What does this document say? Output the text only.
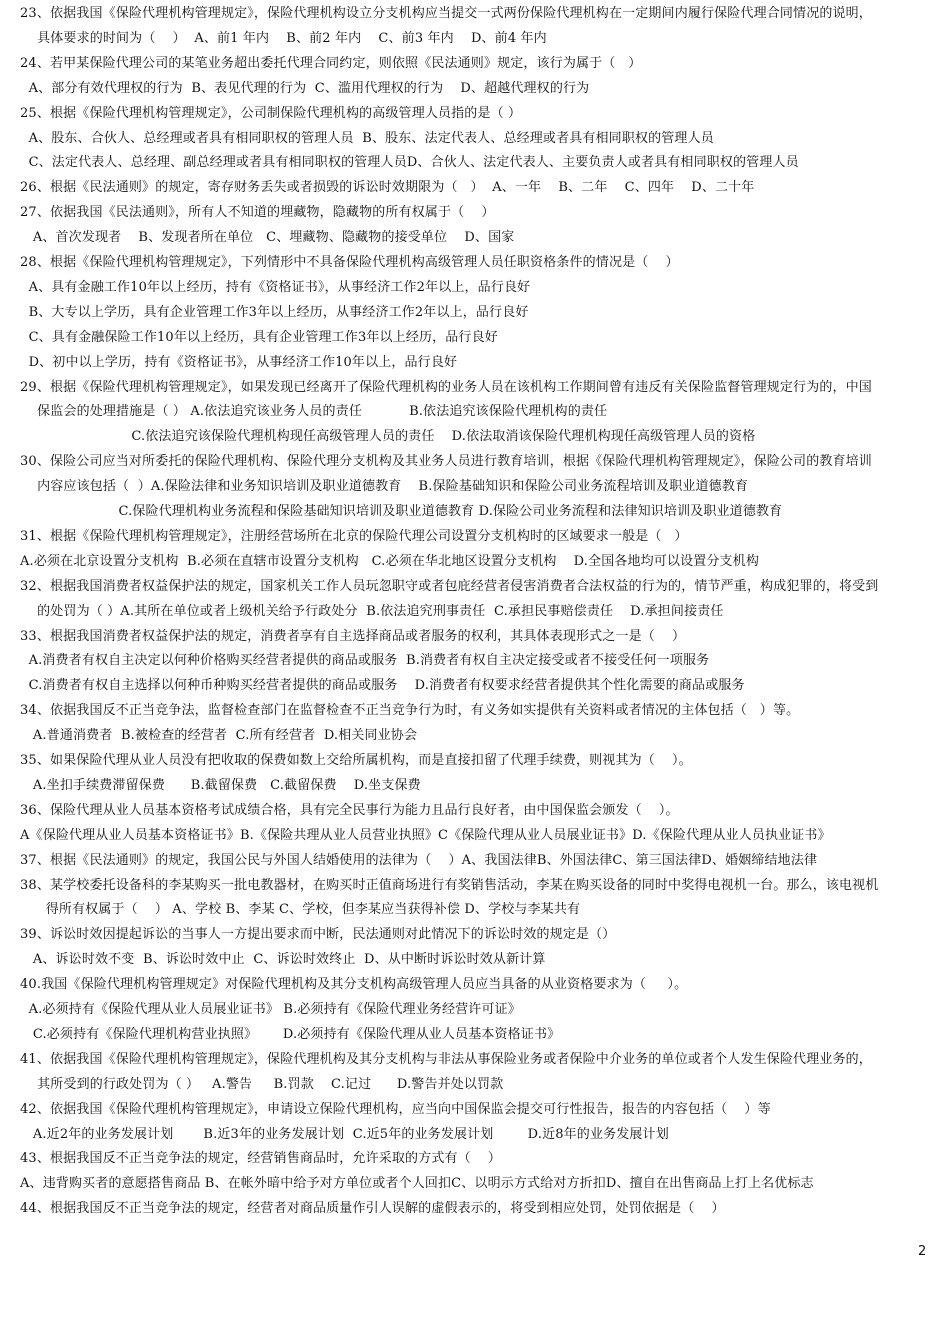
23、依据我国《保险代理机构管理规定》，保险代理机构设立分支机构应当提交一式两份保险代理机构在一定期间内履行保险代理合同情况的说明，
具体要求的时间为（    ）  A、前1 年内    B、前2 年内    C、前3 年内    D、前4 年内
24、若甲某保险代理公司的某笔业务超出委托代理合同约定，则依照《民法通则》规定，该行为属于（   ）
A、部分有效代理权的行为  B、表见代理的行为  C、滥用代理权的行为    D、超越代理权的行为
25、根据《保险代理机构管理规定》，公司制保险代理机构的高级管理人员指的是（ ）
A、股东、合伙人、总经理或者具有相同职权的管理人员  B、股东、法定代表人、总经理或者具有相同职权的管理人员
C、法定代表人、总经理、副总经理或者具有相同职权的管理人员D、合伙人、法定代表人、主要负责人或者具有相同职权的管理人员
26、根据《民法通则》的规定，寄存财务丢失或者损毁的诉讼时效期限为（   ）  A、一年    B、二年    C、四年    D、二十年
27、依据我国《民法通则》，所有人不知道的埋藏物，隐藏物的所有权属于（    ）
A、首次发现者    B、发现者所在单位   C、埋藏物、隐藏物的接受单位    D、国家
28、根据《保险代理机构管理规定》，下列情形中不具备保险代理机构高级管理人员任职资格条件的情况是（    ）
A、具有金融工作10年以上经历，持有《资格证书》，从事经济工作2年以上，品行良好
B、大专以上学历，具有企业管理工作3年以上经历，从事经济工作2年以上，品行良好
C、具有金融保险工作10年以上经历，具有企业管理工作3年以上经历，品行良好
D、初中以上学历，持有《资格证书》，从事经济工作10年以上，品行良好
29、根据《保险代理机构管理规定》，如果发现已经离开了保险代理机构的业务人员在该机构工作期间曾有违反有关保险监督管理规定行为的，中国
保监会的处理措施是（ ） A.依法追究该业务人员的责任           B.依法追究该保险代理机构的责任
C.依法追究该保险代理机构现任高级管理人员的责任    D.依法取消该保险代理机构现任高级管理人员的资格
30、保险公司应当对所委托的保险代理机构、保险代理分支机构及其业务人员进行教育培训，根据《保险代理机构管理规定》，保险公司的教育培训
内容应该包括（  ）A.保险法律和业务知识培训及职业道德教育    B.保险基础知识和保险公司业务流程培训及职业道德教育
C.保险代理机构业务流程和保险基础知识培训及职业道德教育 D.保险公司业务流程和法律知识培训及职业道德教育
31、根据《保险代理机构管理规定》，注册经营场所在北京的保险代理公司设置分支机构时的区域要求一般是（   ）
A.必须在北京设置分支机构  B.必须在直辖市设置分支机构   C.必须在华北地区设置分支机构    D.全国各地均可以设置分支机构
32、根据我国消费者权益保护法的规定，国家机关工作人员玩忽职守或者包庇经营者侵害消费者合法权益的行为的，情节严重，构成犯罪的，将受到
的处罚为（ ）A.其所在单位或者上级机关给予行政处分  B.依法追究刑事责任  C.承担民事赔偿责任    D.承担间接责任
33、根据我国消费者权益保护法的规定，消费者享有自主选择商品或者服务的权利，其具体表现形式之一是（    ）
A.消费者有权自主决定以何种价格购买经营者提供的商品或服务  B.消费者有权自主决定接受或者不接受任何一项服务
C.消费者有权自主选择以何种币种购买经营者提供的商品或服务    D.消费者有权要求经营者提供其个性化需要的商品或服务
34、依据我国反不正当竞争法，监督检查部门在监督检查不正当竞争行为时，有义务如实提供有关资料或者情况的主体包括（   ）等。
A.普通消费者  B.被检查的经营者  C.所有经营者  D.相关同业协会
35、如果保险代理从业人员没有把收取的保费如数上交给所属机构，而是直接扣留了代理手续费，则视其为（    ）。
A.坐扣手续费滞留保费      B.截留保费   C.截留保费    D.坐支保费
36、保险代理从业人员基本资格考试成绩合格，具有完全民事行为能力且品行良好者，由中国保监会颁发（    ）。
A《保险代理从业人员基本资格证书》B.《保险共理从业人员营业执照》C《保险代理从业人员展业证书》D.《保险代理从业人员执业证书》
37、根据《民法通则》的规定，我国公民与外国人结婚使用的法律为（    ）A、我国法律B、外国法律C、第三国法律D、婚姻缔结地法律
38、某学校委托设备科的李某购买一批电教器材，在购买时正值商场进行有奖销售活动，李某在购买设备的同时中奖得电视机一台。那么，该电视机
得所有权属于（    ） A、学校 B、李某 C、学校，但李某应当获得补偿 D、学校与李某共有
39、诉讼时效因提起诉讼的当事人一方提出要求而中断，民法通则对此情况下的诉讼时效的规定是（）
A、诉讼时效不变  B、诉讼时效中止  C、诉讼时效终止  D、从中断时诉讼时效从新计算
40.我国《保险代理机构管理规定》对保险代理机构及其分支机构高级管理人员应当具备的从业资格要求为（     ）。
A.必须持有《保险代理从业人员展业证书》 B.必须持有《保险代理业务经营许可证》
C.必须持有《保险代理机构营业执照》      D.必须持有《保险代理从业人员基本资格证书》
41、依据我国《保险代理机构管理规定》，保险代理机构及其分支机构与非法从事保险业务或者保险中介业务的单位或者个人发生保险代理业务的，
其所受到的行政处罚为（ ）   A.警告     B.罚款    C.记过      D.警告并处以罚款
42、依据我国《保险代理机构管理规定》，申请设立保险代理机构，应当向中国保监会提交可行性报告，报告的内容包括（    ）等
A.近2年的业务发展计划       B.近3年的业务发展计划  C.近5年的业务发展计划        D.近8年的业务发展计划
43、根据我国反不正当竞争法的规定，经营销售商品时，允许采取的方式有（    ）
A、违背购买者的意愿搭售商品 B、在帐外暗中给予对方单位或者个人回扣C、以明示方式给对方折扣D、擅自在出售商品上打上名优标志
44、根据我国反不正当竞争法的规定，经营者对商品质量作引人误解的虚假表示的，将受到相应处罚，处罚依据是（    ）
2
